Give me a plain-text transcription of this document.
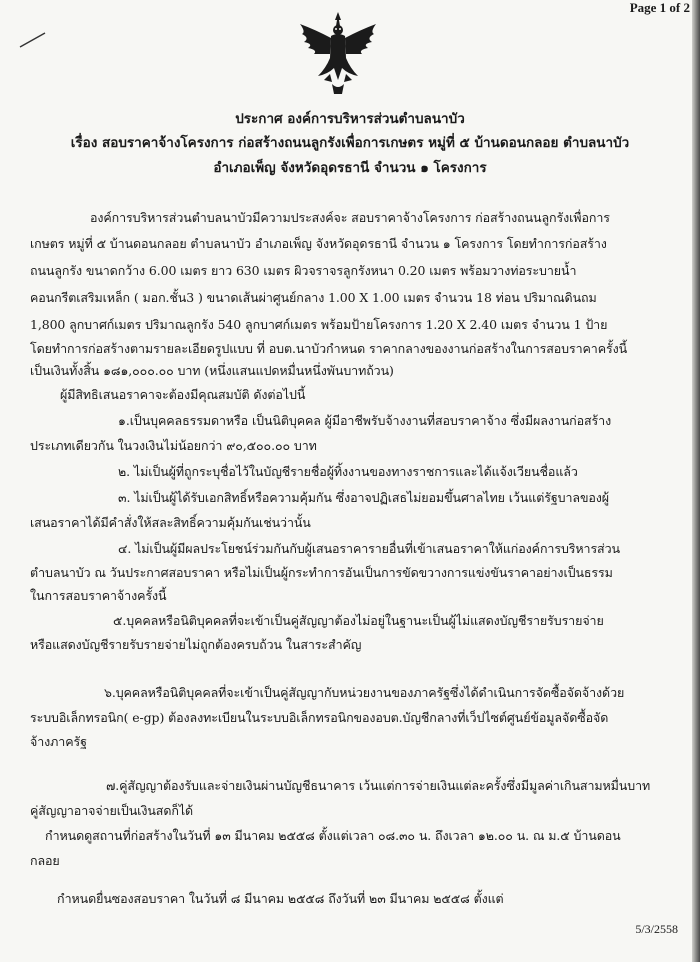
Page 1 of 2
ประกาศ องค์การบริหารส่วนตำบลนาบัว
เรื่อง สอบราคาจ้างโครงการ ก่อสร้างถนนลูกรังเพื่อการเกษตร หมู่ที่ ๕ บ้านดอนกลอย ตำบลนาบัว
อำเภอเพ็ญ จังหวัดอุดรธานี จำนวน ๑ โครงการ
องค์การบริหารส่วนตำบลนาบัวมีความประสงค์จะ สอบราคาจ้างโครงการ ก่อสร้างถนนลูกรังเพื่อการ
เกษตร หมู่ที่ ๕ บ้านดอนกลอย ตำบลนาบัว อำเภอเพ็ญ จังหวัดอุดรธานี จำนวน ๑ โครงการ โดยทำการก่อสร้าง
ถนนลูกรัง ขนาดกว้าง 6.00 เมตร ยาว 630 เมตร ผิวจราจรลูกรังหนา 0.20 เมตร พร้อมวางท่อระบายน้ำ
คอนกรีตเสริมเหล็ก ( มอก.ชั้น3 ) ขนาดเส้นผ่าศูนย์กลาง 1.00 X 1.00 เมตร จำนวน 18 ท่อน ปริมาณดินถม
1,800 ลูกบาศก์เมตร ปริมาณลูกรัง 540 ลูกบาศก์เมตร พร้อมป้ายโครงการ 1.20 X 2.40 เมตร จำนวน 1 ป้าย
โดยทำการก่อสร้างตามรายละเอียดรูปแบบ ที่ อบต.นาบัวกำหนด ราคากลางของงานก่อสร้างในการสอบราคาครั้งนี้
เป็นเงินทั้งสิ้น ๑๘๑,๐๐๐.๐๐ บาท (หนึ่งแสนแปดหมื่นหนึ่งพันบาทถ้วน)
ผู้มีสิทธิเสนอราคาจะต้องมีคุณสมบัติ ดังต่อไปนี้
๑.เป็นบุคคลธรรมดาหรือ เป็นนิติบุคคล ผู้มีอาชีพรับจ้างงานที่สอบราคาจ้าง ซึ่งมีผลงานก่อสร้าง
ประเภทเดียวกัน ในวงเงินไม่น้อยกว่า ๙๐,๕๐๐.๐๐ บาท
๒. ไม่เป็นผู้ที่ถูกระบุชื่อไว้ในบัญชีรายชื่อผู้ทิ้งงานของทางราชการและได้แจ้งเวียนชื่อแล้ว
๓. ไม่เป็นผู้ได้รับเอกสิทธิ์หรือความคุ้มกัน ซึ่งอาจปฏิเสธไม่ยอมขึ้นศาลไทย เว้นแต่รัฐบาลของผู้
เสนอราคาได้มีคำสั่งให้สละสิทธิ์ความคุ้มกันเช่นว่านั้น
๔. ไม่เป็นผู้มีผลประโยชน์ร่วมกันกับผู้เสนอราคารายอื่นที่เข้าเสนอราคาให้แก่องค์การบริหารส่วน
ตำบลนาบัว ณ วันประกาศสอบราคา หรือไม่เป็นผู้กระทำการอันเป็นการขัดขวางการแข่งขันราคาอย่างเป็นธรรม
ในการสอบราคาจ้างครั้งนี้
๕.บุคคลหรือนิติบุคคลที่จะเข้าเป็นคู่สัญญาต้องไม่อยู่ในฐานะเป็นผู้ไม่แสดงบัญชีรายรับรายจ่าย
หรือแสดงบัญชีรายรับรายจ่ายไม่ถูกต้องครบถ้วน ในสาระสำคัญ
๖.บุคคลหรือนิติบุคคลที่จะเข้าเป็นคู่สัญญากับหน่วยงานของภาครัฐซึ่งได้ดำเนินการจัดซื้อจัดจ้างด้วย
ระบบอิเล็กทรอนิก( e-gp) ต้องลงทะเบียนในระบบอิเล็กทรอนิกของอบต.บัญชีกลางที่เว็ปไซต์ศูนย์ข้อมูลจัดซื้อจัด
จ้างภาครัฐ
๗.คู่สัญญาต้องรับและจ่ายเงินผ่านบัญชีธนาคาร เว้นแต่การจ่ายเงินแต่ละครั้งซึ่งมีมูลค่าเกินสามหมื่นบาท
คู่สัญญาอาจจ่ายเป็นเงินสดก็ได้
กำหนดดูสถานที่ก่อสร้างในวันที่ ๑๓ มีนาคม ๒๕๕๘ ตั้งแต่เวลา ๐๘.๓๐ น. ถึงเวลา ๑๒.๐๐ น. ณ ม.๕ บ้านดอน
กลอย
กำหนดยื่นซองสอบราคา ในวันที่ ๘ มีนาคม ๒๕๕๘ ถึงวันที่ ๒๓ มีนาคม ๒๕๕๘ ตั้งแต่
5/3/2558
